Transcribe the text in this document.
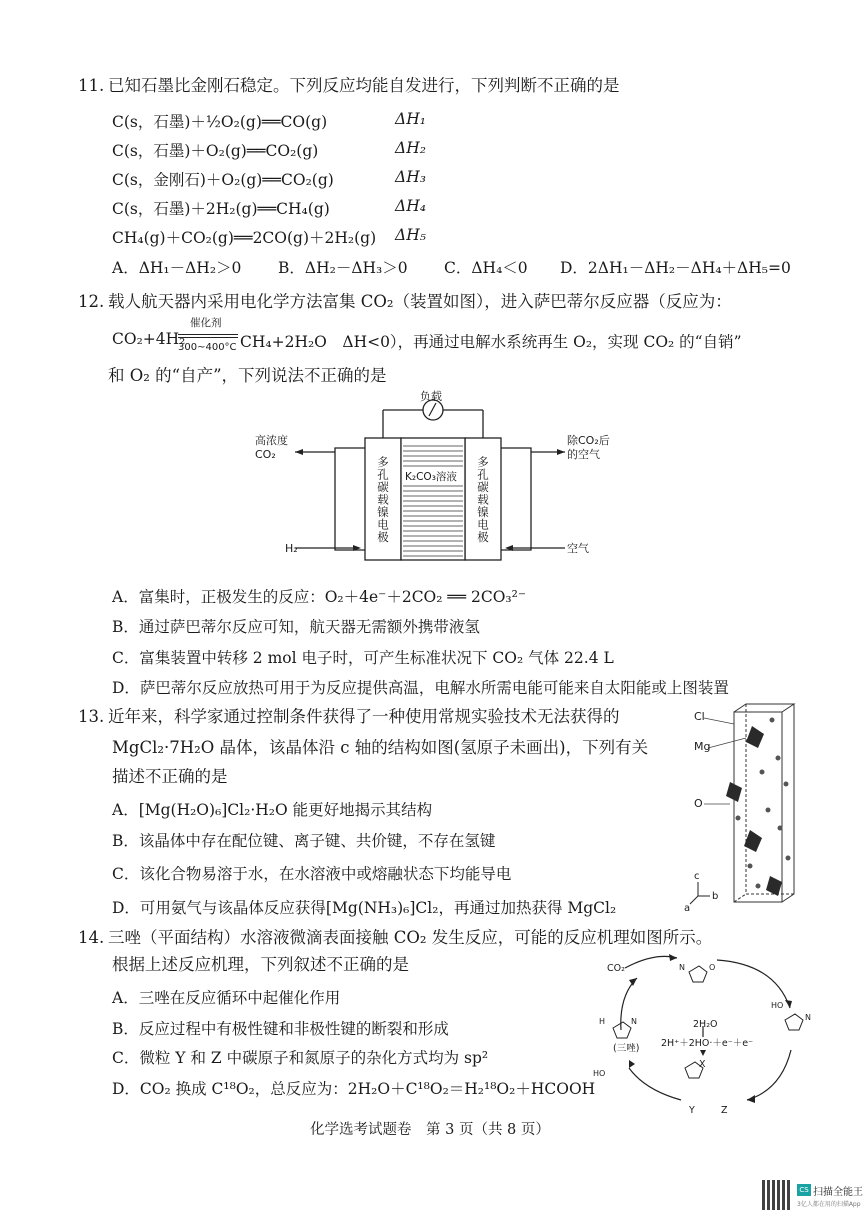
11. 已知石墨比金刚石稳定。下列反应均能自发进行，下列判断不正确的是
C(s，石墨)＋½O₂(g)══CO(g)	ΔH₁
C(s，石墨)＋O₂(g)══CO₂(g)	ΔH₂
C(s，金刚石)＋O₂(g)══CO₂(g)	ΔH₃
C(s，石墨)＋2H₂(g)══CH₄(g)	ΔH₄
CH₄(g)＋CO₂(g)══2CO(g)＋2H₂(g) ΔH₅
A．ΔH₁－ΔH₂＞0 B．ΔH₂－ΔH₃＞0 C．ΔH₄＜0 D．2ΔH₁－ΔH₂－ΔH₄＋ΔH₅=0
12. 载人航天器内采用电化学方法富集 CO₂（装置如图），进入萨巴蒂尔反应器（反应为：
CO₂+4H₂
催化剂
300~400°C CH₄+2H₂O　ΔH<0），再通过电解水系统再生 O₂，实现 CO₂ 的“自销”
和 O₂ 的“自产”，下列说法不正确的是
负载
高浓度
CO₂
除CO₂后
的空气
多孔碳载镍电极	多孔碳载镍电极
K₂CO₃溶液
H₂	空气
A．富集时，正极发生的反应：O₂＋4e⁻＋2CO₂ ══ 2CO₃²⁻
B．通过萨巴蒂尔反应可知，航天器无需额外携带液氢
C．富集装置中转移 2 mol 电子时，可产生标准状况下 CO₂ 气体 22.4 L
D．萨巴蒂尔反应放热可用于为反应提供高温，电解水所需电能可能来自太阳能或上图装置
13. 近年来，科学家通过控制条件获得了一种使用常规实验技术无法获得的
MgCl₂·7H₂O 晶体，该晶体沿 c 轴的结构如图(氢原子未画出)，下列有关
描述不正确的是
Cl
Mg
O
c
b
a
A．[Mg(H₂O)₆]Cl₂·H₂O 能更好地揭示其结构
B．该晶体中存在配位键、离子键、共价键，不存在氢键
C．该化合物易溶于水，在水溶液中或熔融状态下均能导电
D．可用氨气与该晶体反应获得[Mg(NH₃)₆]Cl₂，再通过加热获得 MgCl₂
14. 三唑（平面结构）水溶液微滴表面接触 CO₂ 发生反应，可能的反应机理如图所示。
根据上述反应机理，下列叙述不正确的是
A．三唑在反应循环中起催化作用
B．反应过程中有极性键和非极性键的断裂和形成
C．微粒 Y 和 Z 中碳原子和氮原子的杂化方式均为 sp²
D．CO₂ 换成 C¹⁸O₂，总反应为：2H₂O＋C¹⁸O₂＝H₂¹⁸O₂＋HCOOH
H	N
N	O
HO
N
HO
CO₂
(三唑)
2H₂O
2H⁺＋2HO·＋e⁻＋e⁻
X
Y	Z
化学选考试题卷　第 3 页（共 8 页）
CS 扫描全能王
3亿人都在用的扫描App
